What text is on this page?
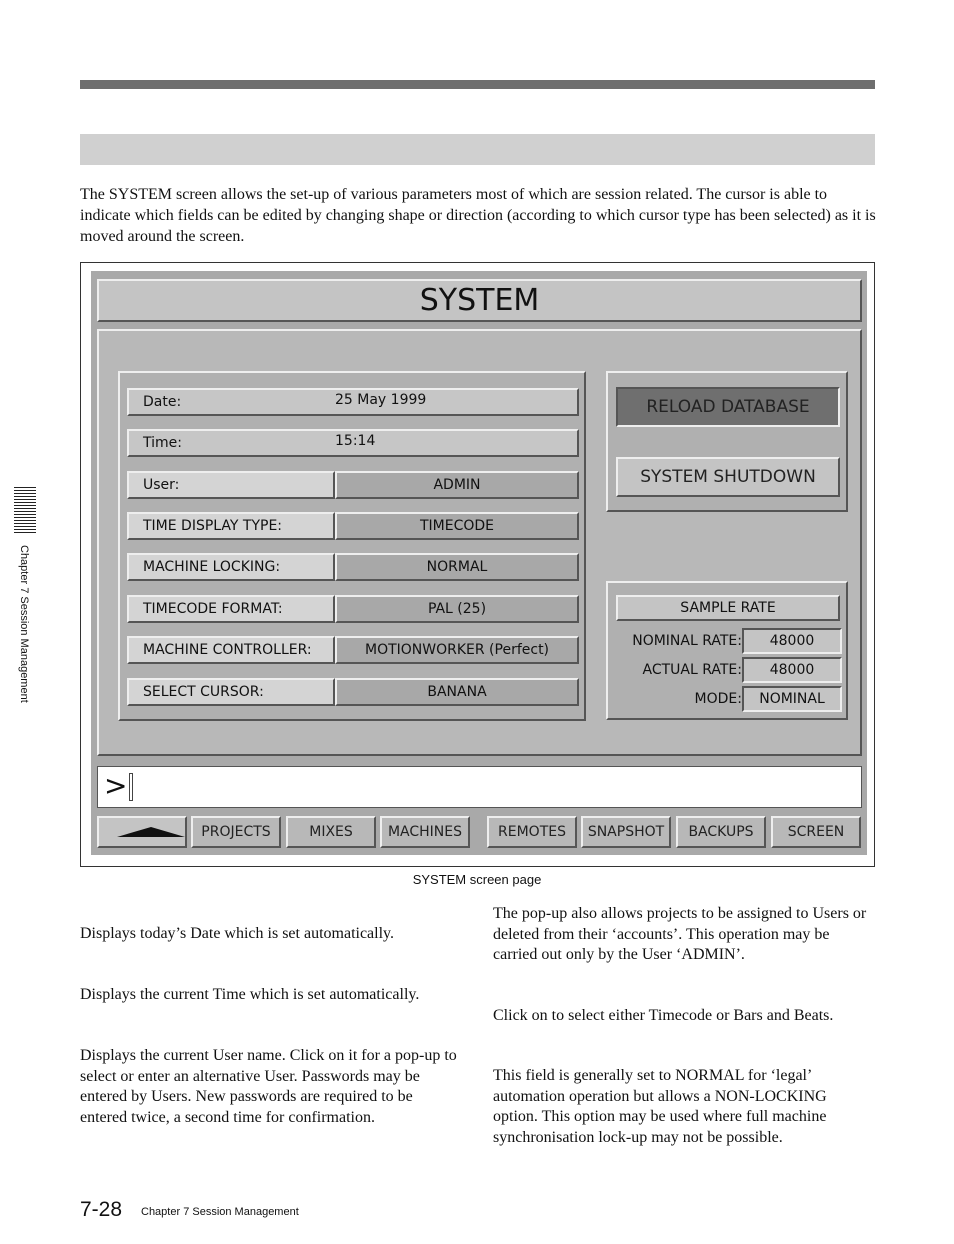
Chapter 7 Session Management
The SYSTEM screen allows the set-up of various parameters most of which are session related. The cursor is able to indicate which fields can be edited by changing shape or direction (according to which cursor type has been selected) as it is moved around the screen.
SYSTEM
Date:	25 May 1999
Time:	15:14
User:	ADMIN
TIME DISPLAY TYPE:	TIMECODE
MACHINE LOCKING:	NORMAL
TIMECODE FORMAT:	PAL (25)
MACHINE CONTROLLER:	MOTIONWORKER (Perfect)
SELECT CURSOR:	BANANA
RELOAD DATABASE
SYSTEM SHUTDOWN
SAMPLE RATE
NOMINAL RATE:	48000
ACTUAL RATE:	48000
MODE:	NOMINAL
>
PROJECTS	MIXES	MACHINES	REMOTES	SNAPSHOT	BACKUPS	SCREEN
SYSTEM screen page
Displays today’s Date which is set automatically.
Displays the current Time which is set automatically.
Displays the current User name. Click on it for a pop-up to select or enter an alternative User. Passwords may be entered by Users. New passwords are required to be entered twice, a second time for confirmation.
The pop-up also allows projects to be assigned to Users or deleted from their ‘accounts’. This operation may be carried out only by the User ‘ADMIN’.
Click on to select either Timecode or Bars and Beats.
This field is generally set to NORMAL for ‘legal’ automation operation but allows a NON-LOCKING option. This option may be used where full machine synchronisation lock-up may not be possible.
7-28 Chapter 7 Session Management
